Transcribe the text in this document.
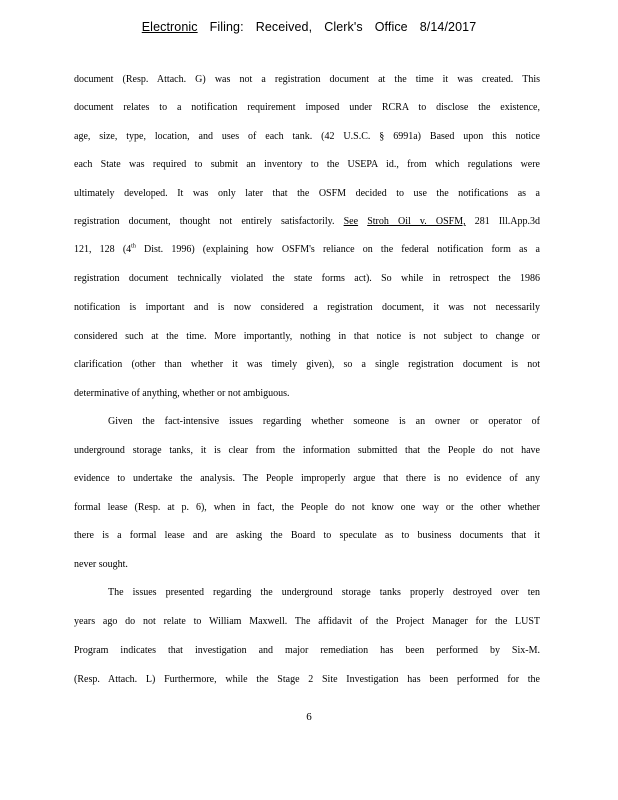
Electronic Filing: Received, Clerk's Office 8/14/2017
document (Resp. Attach. G) was not a registration document at the time it was created. This
document relates to a notification requirement imposed under RCRA to disclose the existence,
age, size, type, location, and uses of each tank. (42 U.S.C. § 6991a) Based upon this notice
each State was required to submit an inventory to the USEPA id., from which regulations were
ultimately developed. It was only later that the OSFM decided to use the notifications as a
registration document, thought not entirely satisfactorily. See Stroh Oil v. OSFM, 281 Ill.App.3d
121, 128 (4th Dist. 1996) (explaining how OSFM's reliance on the federal notification form as a
registration document technically violated the state forms act). So while in retrospect the 1986
notification is important and is now considered a registration document, it was not necessarily
considered such at the time. More importantly, nothing in that notice is not subject to change or
clarification (other than whether it was timely given), so a single registration document is not
determinative of anything, whether or not ambiguous.
Given the fact-intensive issues regarding whether someone is an owner or operator of
underground storage tanks, it is clear from the information submitted that the People do not have
evidence to undertake the analysis. The People improperly argue that there is no evidence of any
formal lease (Resp. at p. 6), when in fact, the People do not know one way or the other whether
there is a formal lease and are asking the Board to speculate as to business documents that it
never sought.
The issues presented regarding the underground storage tanks properly destroyed over ten
years ago do not relate to William Maxwell. The affidavit of the Project Manager for the LUST
Program indicates that investigation and major remediation has been performed by Six-M.
(Resp. Attach. L) Furthermore, while the Stage 2 Site Investigation has been performed for the
6
